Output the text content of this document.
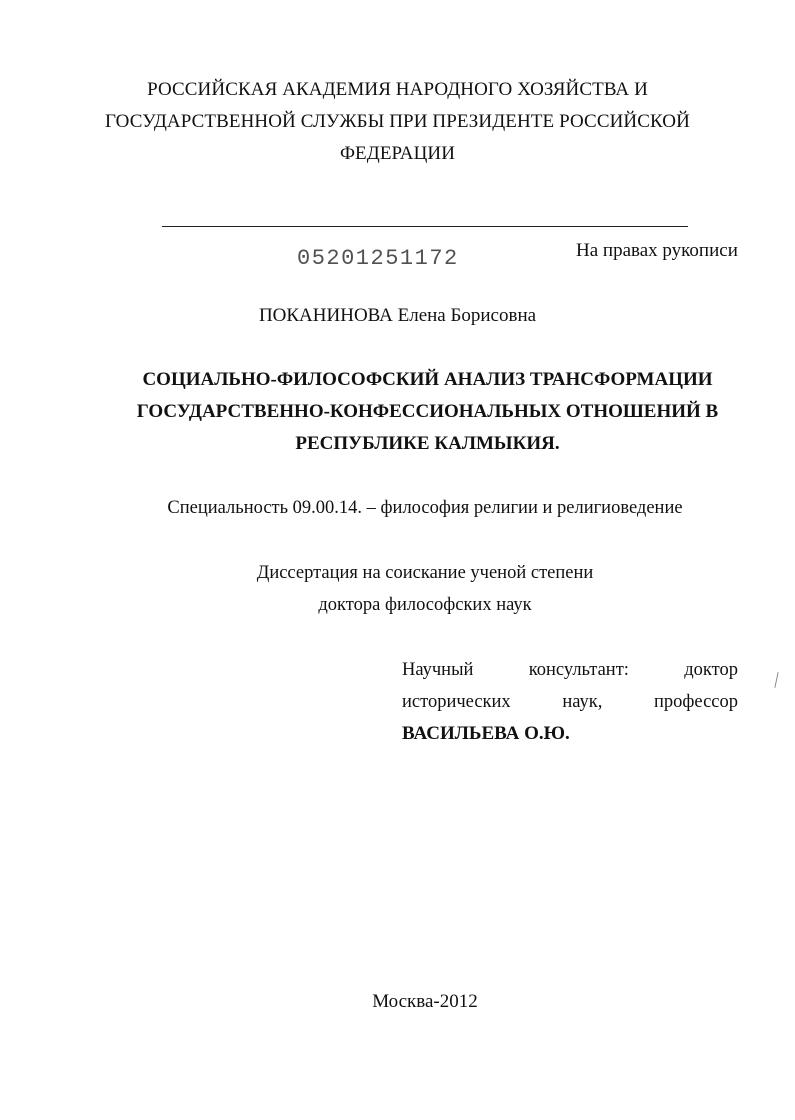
РОССИЙСКАЯ АКАДЕМИЯ НАРОДНОГО ХОЗЯЙСТВА И
ГОСУДАРСТВЕННОЙ СЛУЖБЫ ПРИ ПРЕЗИДЕНТЕ РОССИЙСКОЙ
ФЕДЕРАЦИИ
05201251172	На правах рукописи
ПОКАНИНОВА Елена Борисовна
СОЦИАЛЬНО-ФИЛОСОФСКИЙ АНАЛИЗ ТРАНСФОРМАЦИИ
ГОСУДАРСТВЕННО-КОНФЕССИОНАЛЬНЫХ ОТНОШЕНИЙ В
РЕСПУБЛИКЕ КАЛМЫКИЯ.
Специальность 09.00.14. – философия религии и религиоведение
Диссертация на соискание ученой степени
доктора философских наук
Научный	консультант:	доктор
исторических	наук,	профессор
ВАСИЛЬЕВА О.Ю.
Москва-2012
